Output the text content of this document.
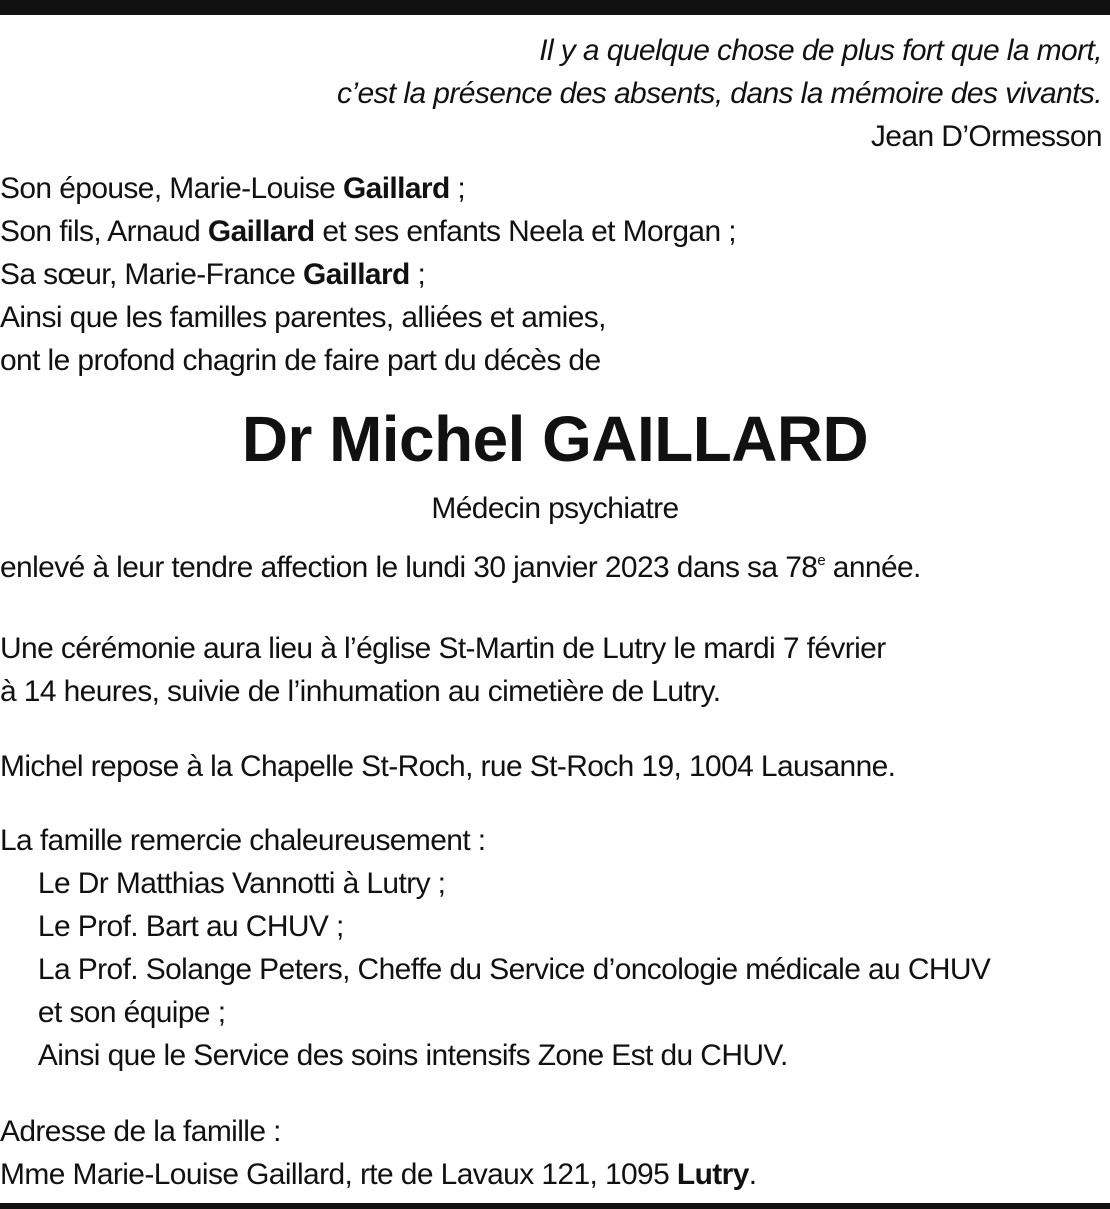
Il y a quelque chose de plus fort que la mort,
c’est la présence des absents, dans la mémoire des vivants.
Jean D’Ormesson
Son épouse, Marie-Louise Gaillard ;
Son fils, Arnaud Gaillard et ses enfants Neela et Morgan ;
Sa sœur, Marie-France Gaillard ;
Ainsi que les familles parentes, alliées et amies,
ont le profond chagrin de faire part du décès de
Dr Michel GAILLARD
Médecin psychiatre
enlevé à leur tendre affection le lundi 30 janvier 2023 dans sa 78e année.
Une cérémonie aura lieu à l’église St-Martin de Lutry le mardi 7 février
à 14 heures, suivie de l’inhumation au cimetière de Lutry.
Michel repose à la Chapelle St-Roch, rue St-Roch 19, 1004 Lausanne.
La famille remercie chaleureusement :
Le Dr Matthias Vannotti à Lutry ;
Le Prof. Bart au CHUV ;
La Prof. Solange Peters, Cheffe du Service d’oncologie médicale au CHUV
et son équipe ;
Ainsi que le Service des soins intensifs Zone Est du CHUV.
Adresse de la famille :
Mme Marie-Louise Gaillard, rte de Lavaux 121, 1095 Lutry.
